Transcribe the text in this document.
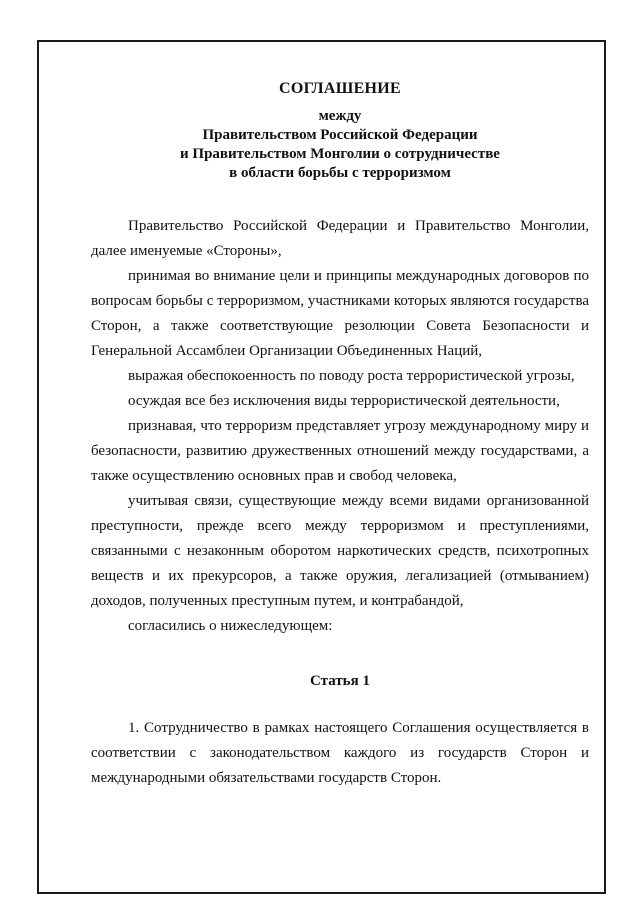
СОГЛАШЕНИЕ
между
Правительством Российской Федерации
и Правительством Монголии о сотрудничестве
в области борьбы с терроризмом

Правительство Российской Федерации и Правительство Монголии, далее именуемые «Стороны»,

принимая во внимание цели и принципы международных договоров по вопросам борьбы с терроризмом, участниками которых являются государства Сторон, а также соответствующие резолюции Совета Безопасности и Генеральной Ассамблеи Организации Объединенных Наций,

выражая обеспокоенность по поводу роста террористической угрозы,

осуждая все без исключения виды террористической деятельности,

признавая, что терроризм представляет угрозу международному миру и безопасности, развитию дружественных отношений между государствами, а также осуществлению основных прав и свобод человека,

учитывая связи, существующие между всеми видами организованной преступности, прежде всего между терроризмом и преступлениями, связанными с незаконным оборотом наркотических средств, психотропных веществ и их прекурсоров, а также оружия, легализацией (отмыванием) доходов, полученных преступным путем, и контрабандой,

согласились о нижеследующем:

Статья 1

1. Сотрудничество в рамках настоящего Соглашения осуществляется в соответствии с законодательством каждого из государств Сторон и международными обязательствами государств Сторон.
